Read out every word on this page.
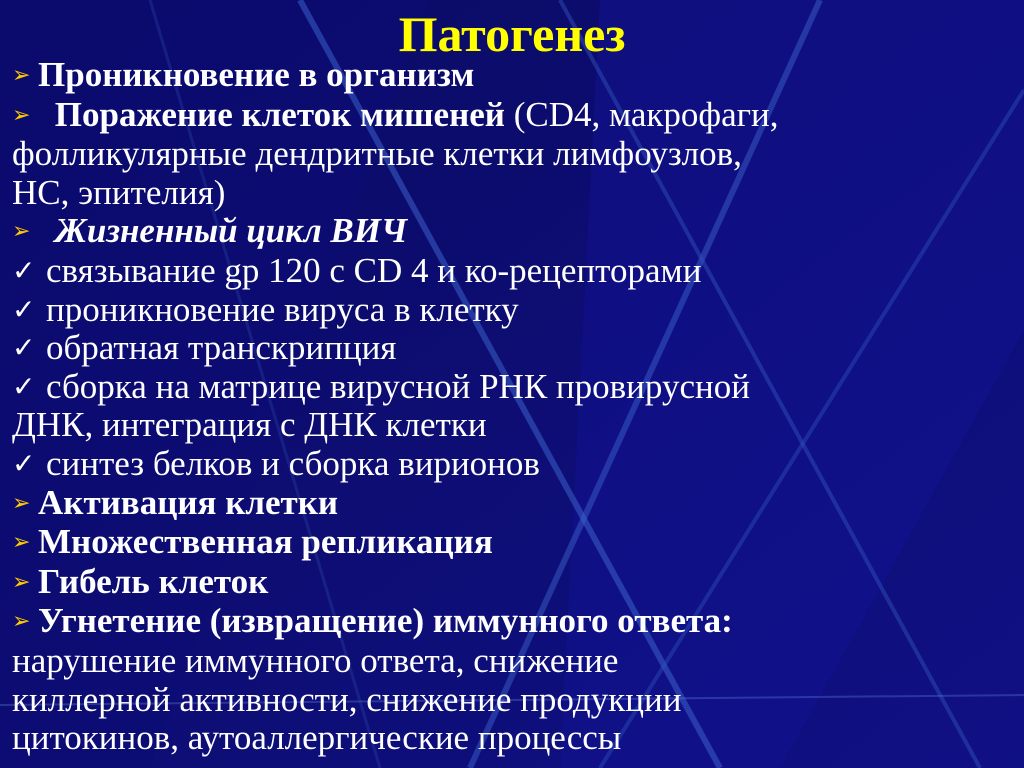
Патогенез
➢ Проникновение в организм
➢ Поражение клеток мишеней (CD4, макрофаги,
фолликулярные дендритные клетки лимфоузлов,
НС, эпителия)
➢ Жизненный цикл ВИЧ
✓ связывание gp 120 с CD 4 и ко-рецепторами
✓ проникновение вируса в клетку
✓ обратная транскрипция
✓ сборка на матрице вирусной РНК провирусной
ДНК, интеграция с ДНК клетки
✓ синтез белков и сборка вирионов
➢ Активация клетки
➢ Множественная репликация
➢ Гибель клеток
➢ Угнетение (извращение) иммунного ответа:
нарушение иммунного ответа, снижение
киллерной активности, снижение продукции
цитокинов, аутоаллергические процессы
